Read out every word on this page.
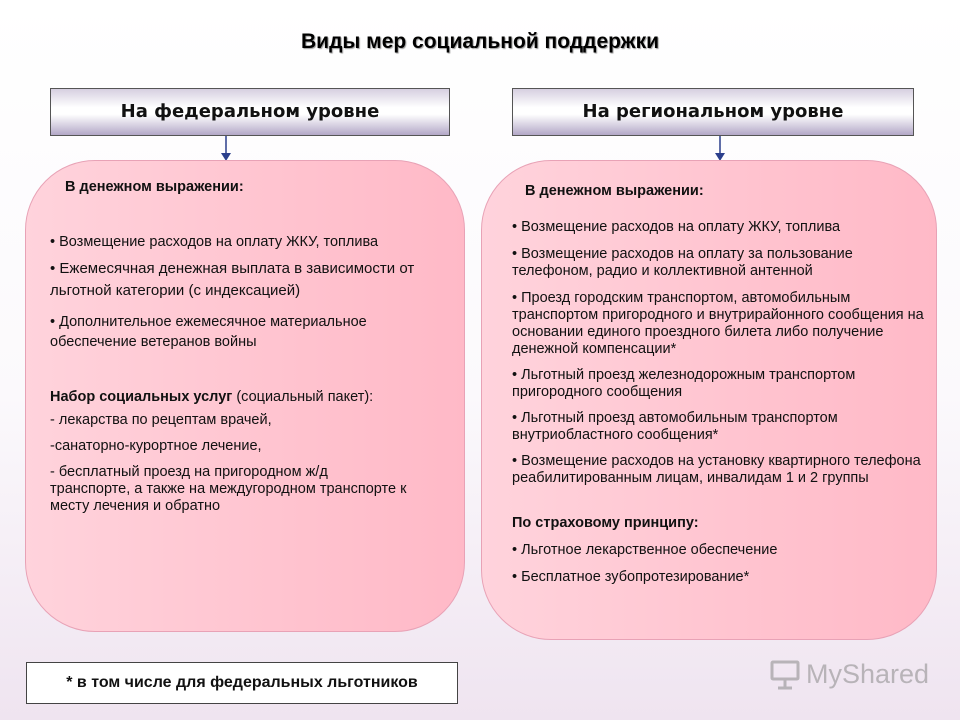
Виды мер социальной поддержки
На федеральном уровне	На региональном уровне

В денежном выражении:

• Возмещение расходов на оплату ЖКУ, топлива

• Ежемесячная денежная выплата в зависимости от льготной категории (с индексацией)

• Дополнительное ежемесячное материальное обеспечение ветеранов войны

Набор социальных услуг (социальный пакет):

- лекарства по рецептам врачей,

-санаторно-курортное лечение,

- бесплатный проезд на пригородном ж/д транспорте, а также на междугородном транспорте к месту лечения и обратно

В денежном выражении:

• Возмещение расходов на оплату ЖКУ, топлива

• Возмещение расходов на оплату за пользование телефоном, радио и коллективной антенной

• Проезд городским транспортом, автомобильным транспортом пригородного и внутрирайонного сообщения на основании единого проездного билета либо получение денежной компенсации*

• Льготный проезд железнодорожным транспортом пригородного сообщения

• Льготный проезд автомобильным транспортом внутриобластного сообщения*

• Возмещение расходов на установку квартирного телефона реабилитированным лицам, инвалидам 1 и 2 группы

По страховому принципу:

• Льготное лекарственное обеспечение

• Бесплатное зубопротезирование*

* в том числе для федеральных льготников	MyShared
